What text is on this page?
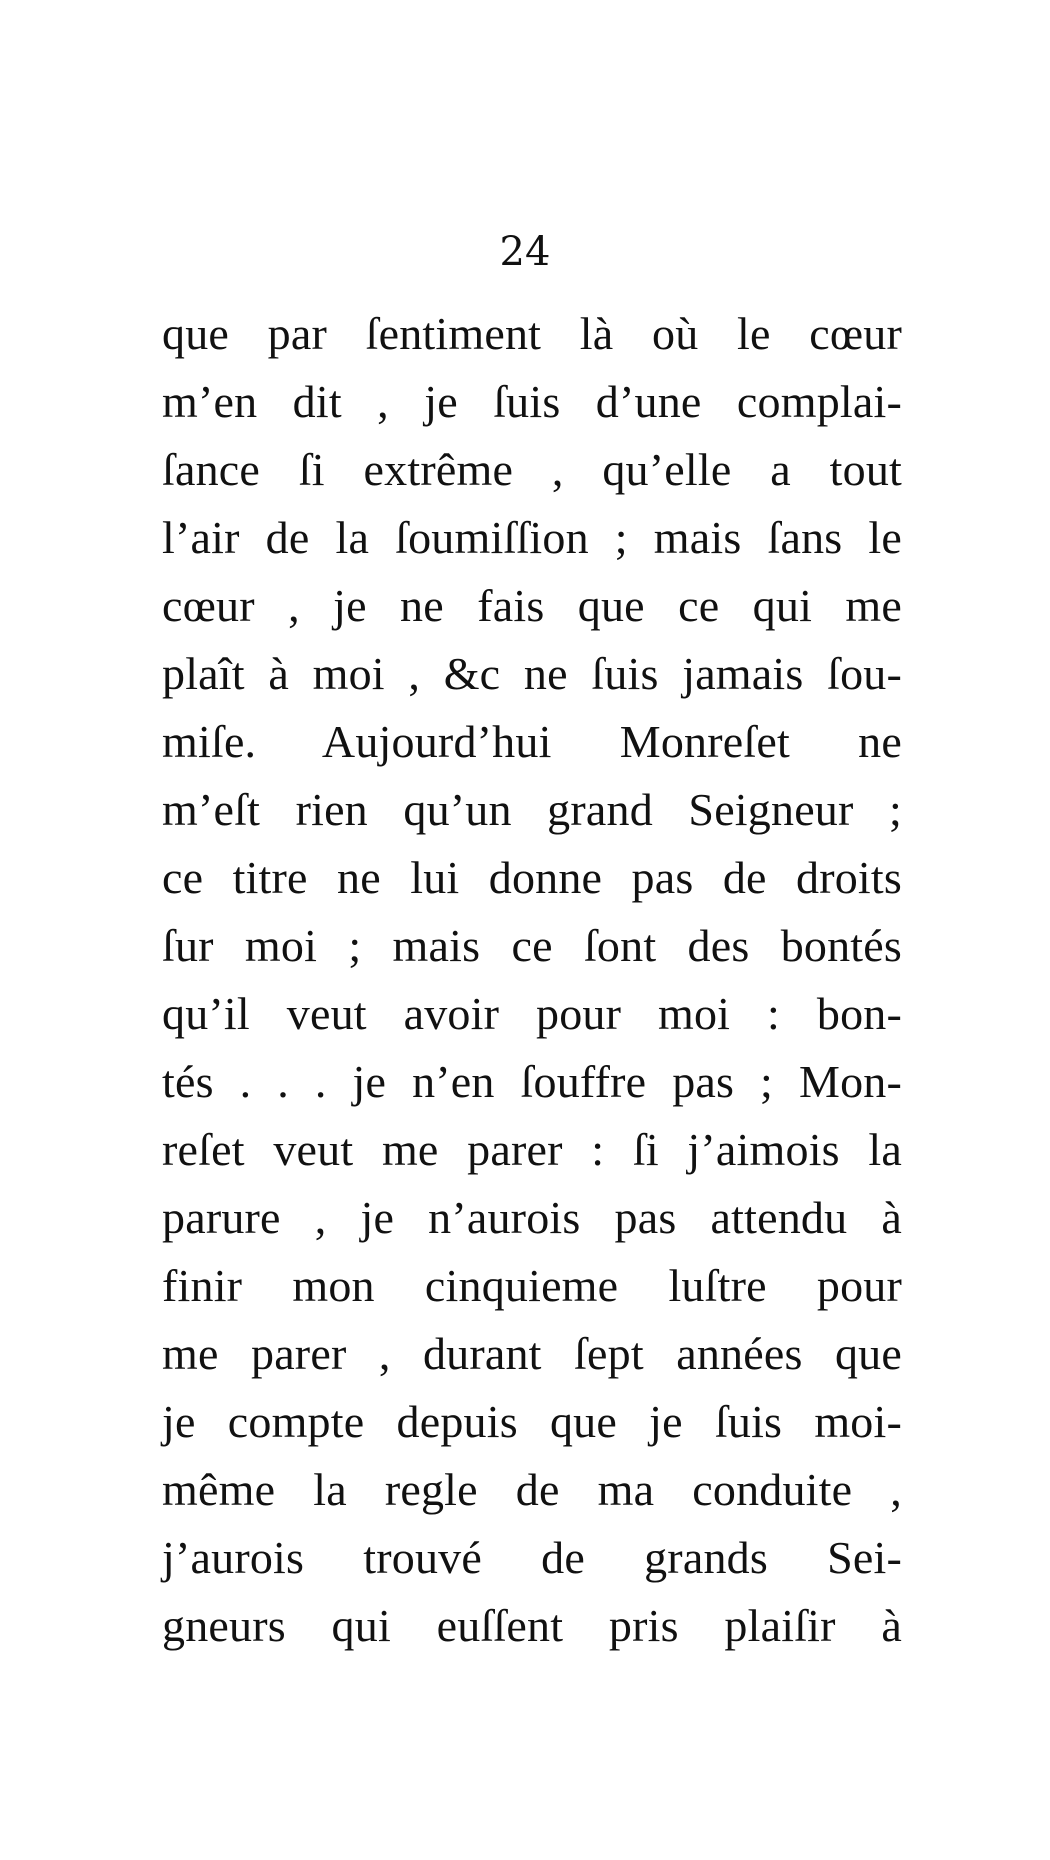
24
que par ſentiment là où le cœur
m’en dit , je ſuis d’une complai-
ſance ſi extrême , qu’elle a tout
l’air de la ſoumiſſion ; mais ſans le
cœur , je ne fais que ce qui me
plaît à moi , &c ne ſuis jamais ſou-
miſe. Aujourd’hui Monreſet ne
m’eſt rien qu’un grand Seigneur ;
ce titre ne lui donne pas de droits
ſur moi ; mais ce ſont des bontés
qu’il veut avoir pour moi : bon-
tés . . . je n’en ſouffre pas ; Mon-
reſet veut me parer : ſi j’aimois la
parure , je n’aurois pas attendu à
finir mon cinquieme luſtre pour
me parer , durant ſept années que
je compte depuis que je ſuis moi-
même la regle de ma conduite ,
j’aurois trouvé de grands Sei-
gneurs qui euſſent pris plaiſir à
